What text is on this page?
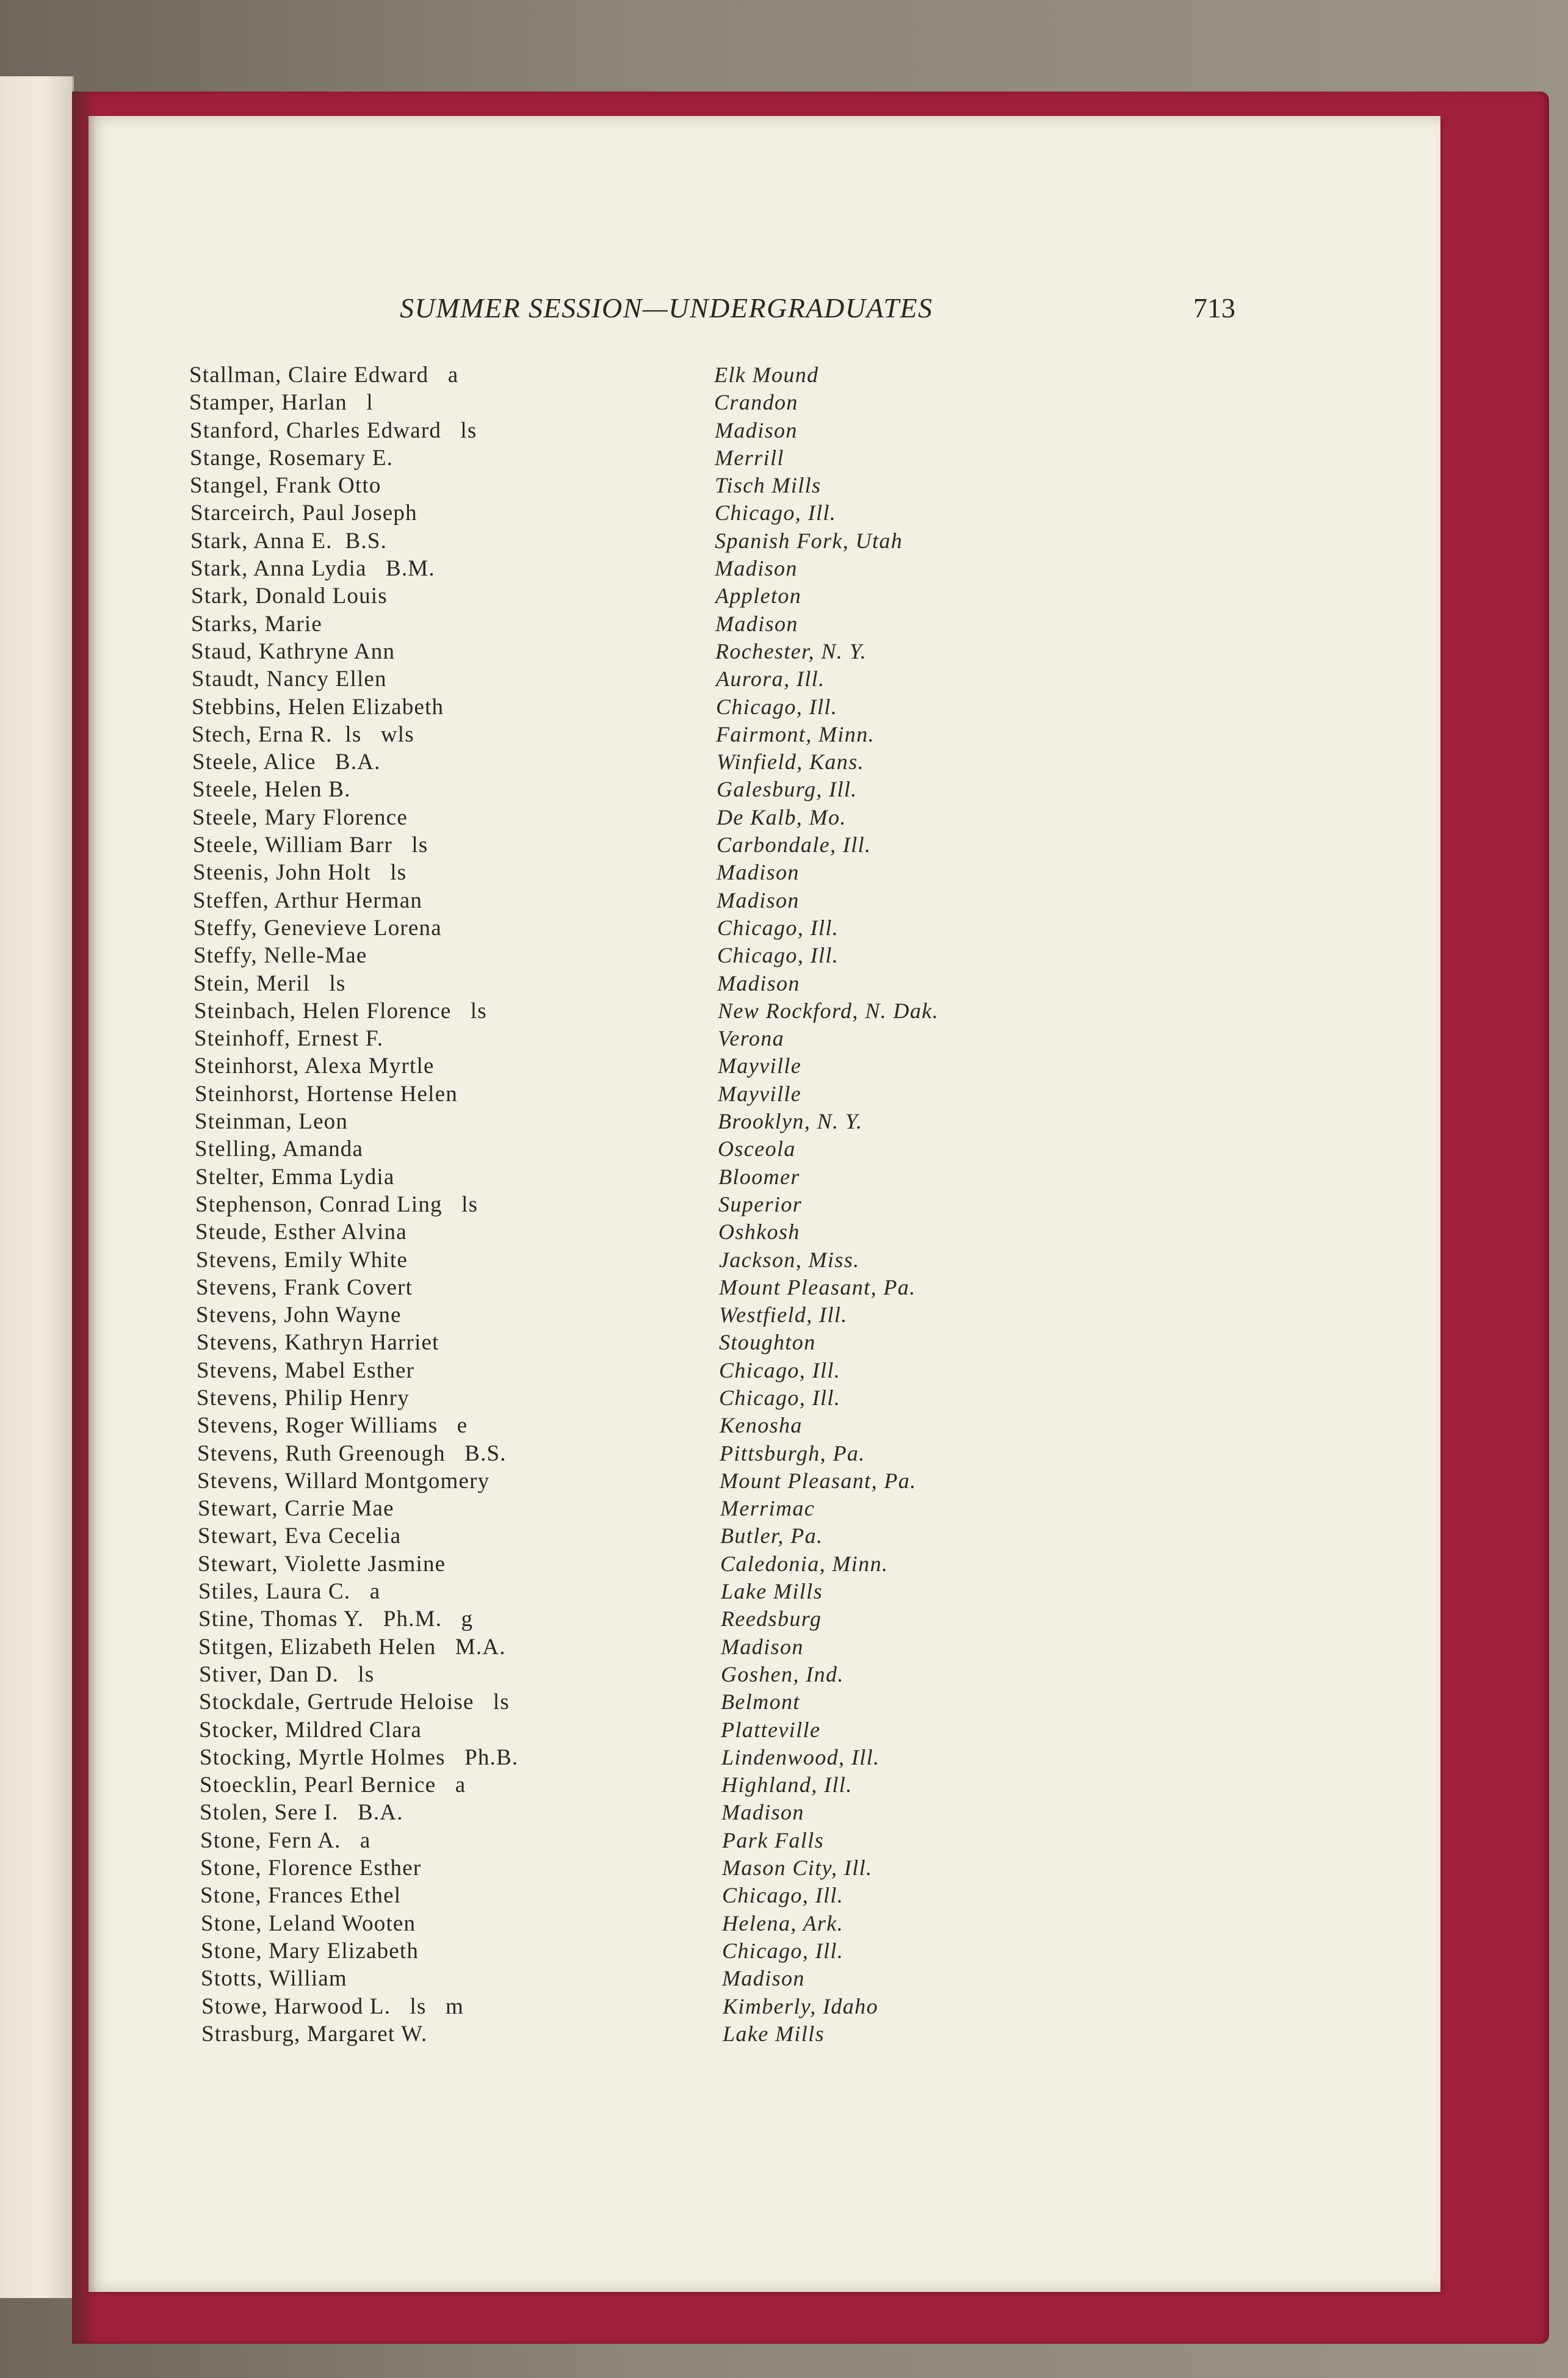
SUMMER SESSION—UNDERGRADUATES	713
Stallman, Claire Edward   a	Elk Mound
Stamper, Harlan   l	Crandon
Stanford, Charles Edward   ls	Madison
Stange, Rosemary E.	Merrill
Stangel, Frank Otto	Tisch Mills
Starceirch, Paul Joseph	Chicago, Ill.
Stark, Anna E.  B.S.	Spanish Fork, Utah
Stark, Anna Lydia   B.M.	Madison
Stark, Donald Louis	Appleton
Starks, Marie	Madison
Staud, Kathryne Ann	Rochester, N. Y.
Staudt, Nancy Ellen	Aurora, Ill.
Stebbins, Helen Elizabeth	Chicago, Ill.
Stech, Erna R.  ls   wls	Fairmont, Minn.
Steele, Alice   B.A.	Winfield, Kans.
Steele, Helen B.	Galesburg, Ill.
Steele, Mary Florence	De Kalb, Mo.
Steele, William Barr   ls	Carbondale, Ill.
Steenis, John Holt   ls	Madison
Steffen, Arthur Herman	Madison
Steffy, Genevieve Lorena	Chicago, Ill.
Steffy, Nelle-Mae	Chicago, Ill.
Stein, Meril   ls	Madison
Steinbach, Helen Florence   ls	New Rockford, N. Dak.
Steinhoff, Ernest F.	Verona
Steinhorst, Alexa Myrtle	Mayville
Steinhorst, Hortense Helen	Mayville
Steinman, Leon	Brooklyn, N. Y.
Stelling, Amanda	Osceola
Stelter, Emma Lydia	Bloomer
Stephenson, Conrad Ling   ls	Superior
Steude, Esther Alvina	Oshkosh
Stevens, Emily White	Jackson, Miss.
Stevens, Frank Covert	Mount Pleasant, Pa.
Stevens, John Wayne	Westfield, Ill.
Stevens, Kathryn Harriet	Stoughton
Stevens, Mabel Esther	Chicago, Ill.
Stevens, Philip Henry	Chicago, Ill.
Stevens, Roger Williams   e	Kenosha
Stevens, Ruth Greenough   B.S.	Pittsburgh, Pa.
Stevens, Willard Montgomery	Mount Pleasant, Pa.
Stewart, Carrie Mae	Merrimac
Stewart, Eva Cecelia	Butler, Pa.
Stewart, Violette Jasmine	Caledonia, Minn.
Stiles, Laura C.   a	Lake Mills
Stine, Thomas Y.   Ph.M.   g	Reedsburg
Stitgen, Elizabeth Helen   M.A.	Madison
Stiver, Dan D.   ls	Goshen, Ind.
Stockdale, Gertrude Heloise   ls	Belmont
Stocker, Mildred Clara	Platteville
Stocking, Myrtle Holmes   Ph.B.	Lindenwood, Ill.
Stoecklin, Pearl Bernice   a	Highland, Ill.
Stolen, Sere I.   B.A.	Madison
Stone, Fern A.   a	Park Falls
Stone, Florence Esther	Mason City, Ill.
Stone, Frances Ethel	Chicago, Ill.
Stone, Leland Wooten	Helena, Ark.
Stone, Mary Elizabeth	Chicago, Ill.
Stotts, William	Madison
Stowe, Harwood L.   ls   m	Kimberly, Idaho
Strasburg, Margaret W.	Lake Mills
